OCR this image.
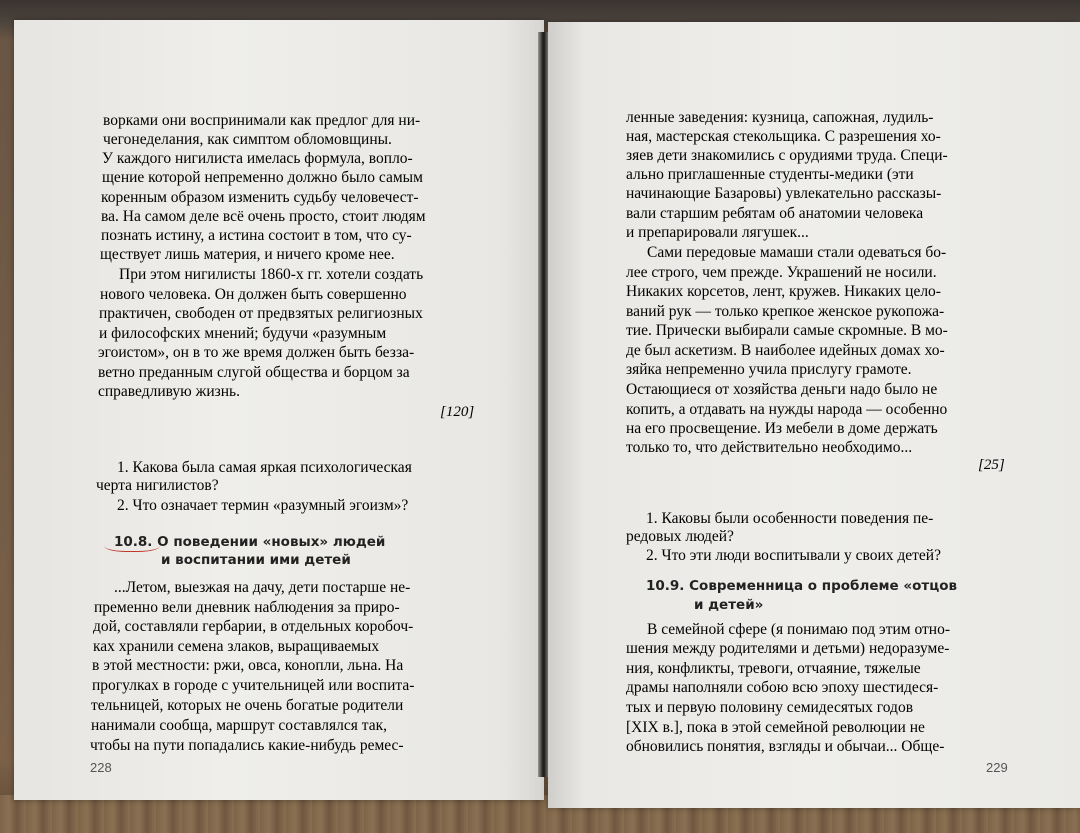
ворками они воспринимали как предлог для ни-
чегонеделания, как симптом обломовщины.
У каждого нигилиста имелась формула, вопло-
щение которой непременно должно было самым
коренным образом изменить судьбу человечест-
ва. На самом деле всё очень просто, стоит людям
познать истину, а истина состоит в том, что су-
ществует лишь материя, и ничего кроме нее.
При этом нигилисты 1860-х гг. хотели создать
нового человека. Он должен быть совершенно
практичен, свободен от предвзятых религиозных
и философских мнений; будучи «разумным
эгоистом», он в то же время должен быть безза-
ветно преданным слугой общества и борцом за
справедливую жизнь.
[120]
1. Какова была самая яркая психологическая
черта нигилистов?
2. Что означает термин «разумный эгоизм»?
10.8. О поведении «новых» людей
и воспитании ими детей
...Летом, выезжая на дачу, дети постарше не-
пременно вели дневник наблюдения за приро-
дой, составляли гербарии, в отдельных коробоч-
ках хранили семена злаков, выращиваемых
в этой местности: ржи, овса, конопли, льна. На
прогулках в городе с учительницей или воспита-
тельницей, которых не очень богатые родители
нанимали сообща, маршрут составлялся так,
чтобы на пути попадались какие-нибудь ремес-
228
ленные заведения: кузница, сапожная, лудиль-
ная, мастерская стекольщика. С разрешения хо-
зяев дети знакомились с орудиями труда. Специ-
ально приглашенные студенты-медики (эти
начинающие Базаровы) увлекательно рассказы-
вали старшим ребятам об анатомии человека
и препарировали лягушек...
Сами передовые мамаши стали одеваться бо-
лее строго, чем прежде. Украшений не носили.
Никаких корсетов, лент, кружев. Никаких цело-
ваний рук — только крепкое женское рукопожа-
тие. Прически выбирали самые скромные. В мо-
де был аскетизм. В наиболее идейных домах хо-
зяйка непременно учила прислугу грамоте.
Остающиеся от хозяйства деньги надо было не
копить, а отдавать на нужды народа — особенно
на его просвещение. Из мебели в доме держать
только то, что действительно необходимо...
[25]
1. Каковы были особенности поведения пе-
редовых людей?
2. Что эти люди воспитывали у своих детей?
10.9. Современница о проблеме «отцов
и детей»
В семейной сфере (я понимаю под этим отно-
шения между родителями и детьми) недоразуме-
ния, конфликты, тревоги, отчаяние, тяжелые
драмы наполняли собою всю эпоху шестидеся-
тых и первую половину семидесятых годов
[XIX в.], пока в этой семейной революции не
обновились понятия, взгляды и обычаи... Обще-
229
